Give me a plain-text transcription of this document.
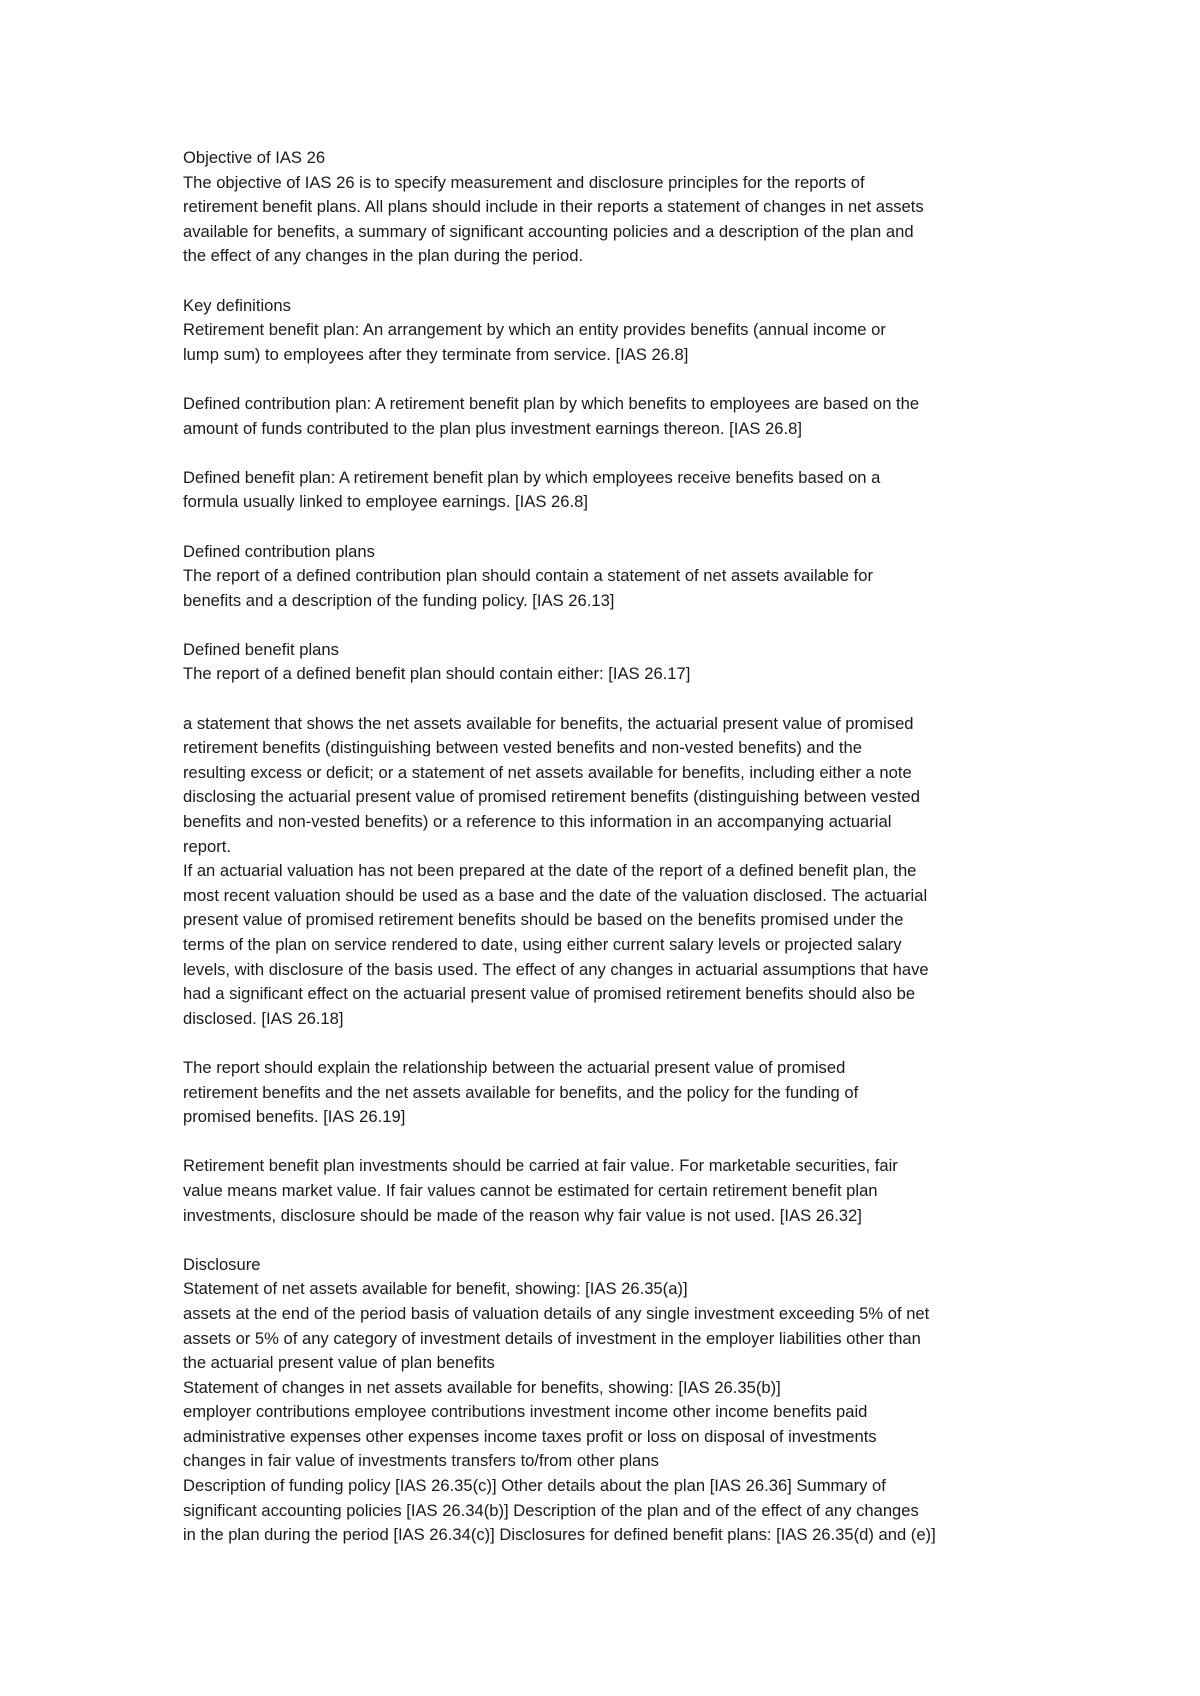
Objective of IAS 26
The objective of IAS 26 is to specify measurement and disclosure principles for the reports of
retirement benefit plans. All plans should include in their reports a statement of changes in net assets
available for benefits, a summary of significant accounting policies and a description of the plan and
the effect of any changes in the plan during the period.
Key definitions
Retirement benefit plan: An arrangement by which an entity provides benefits (annual income or
lump sum) to employees after they terminate from service. [IAS 26.8]
Defined contribution plan: A retirement benefit plan by which benefits to employees are based on the
amount of funds contributed to the plan plus investment earnings thereon. [IAS 26.8]
Defined benefit plan: A retirement benefit plan by which employees receive benefits based on a
formula usually linked to employee earnings. [IAS 26.8]
Defined contribution plans
The report of a defined contribution plan should contain a statement of net assets available for
benefits and a description of the funding policy. [IAS 26.13]
Defined benefit plans
The report of a defined benefit plan should contain either: [IAS 26.17]
a statement that shows the net assets available for benefits, the actuarial present value of promised
retirement benefits (distinguishing between vested benefits and non-vested benefits) and the
resulting excess or deficit; or a statement of net assets available for benefits, including either a note
disclosing the actuarial present value of promised retirement benefits (distinguishing between vested
benefits and non-vested benefits) or a reference to this information in an accompanying actuarial
report.
If an actuarial valuation has not been prepared at the date of the report of a defined benefit plan, the
most recent valuation should be used as a base and the date of the valuation disclosed. The actuarial
present value of promised retirement benefits should be based on the benefits promised under the
terms of the plan on service rendered to date, using either current salary levels or projected salary
levels, with disclosure of the basis used. The effect of any changes in actuarial assumptions that have
had a significant effect on the actuarial present value of promised retirement benefits should also be
disclosed. [IAS 26.18]
The report should explain the relationship between the actuarial present value of promised
retirement benefits and the net assets available for benefits, and the policy for the funding of
promised benefits. [IAS 26.19]
Retirement benefit plan investments should be carried at fair value. For marketable securities, fair
value means market value. If fair values cannot be estimated for certain retirement benefit plan
investments, disclosure should be made of the reason why fair value is not used. [IAS 26.32]
Disclosure
Statement of net assets available for benefit, showing: [IAS 26.35(a)]
assets at the end of the period basis of valuation details of any single investment exceeding 5% of net
assets or 5% of any category of investment details of investment in the employer liabilities other than
the actuarial present value of plan benefits
Statement of changes in net assets available for benefits, showing: [IAS 26.35(b)]
employer contributions employee contributions investment income other income benefits paid
administrative expenses other expenses income taxes profit or loss on disposal of investments
changes in fair value of investments transfers to/from other plans
Description of funding policy [IAS 26.35(c)] Other details about the plan [IAS 26.36] Summary of
significant accounting policies [IAS 26.34(b)] Description of the plan and of the effect of any changes
in the plan during the period [IAS 26.34(c)] Disclosures for defined benefit plans: [IAS 26.35(d) and (e)]
